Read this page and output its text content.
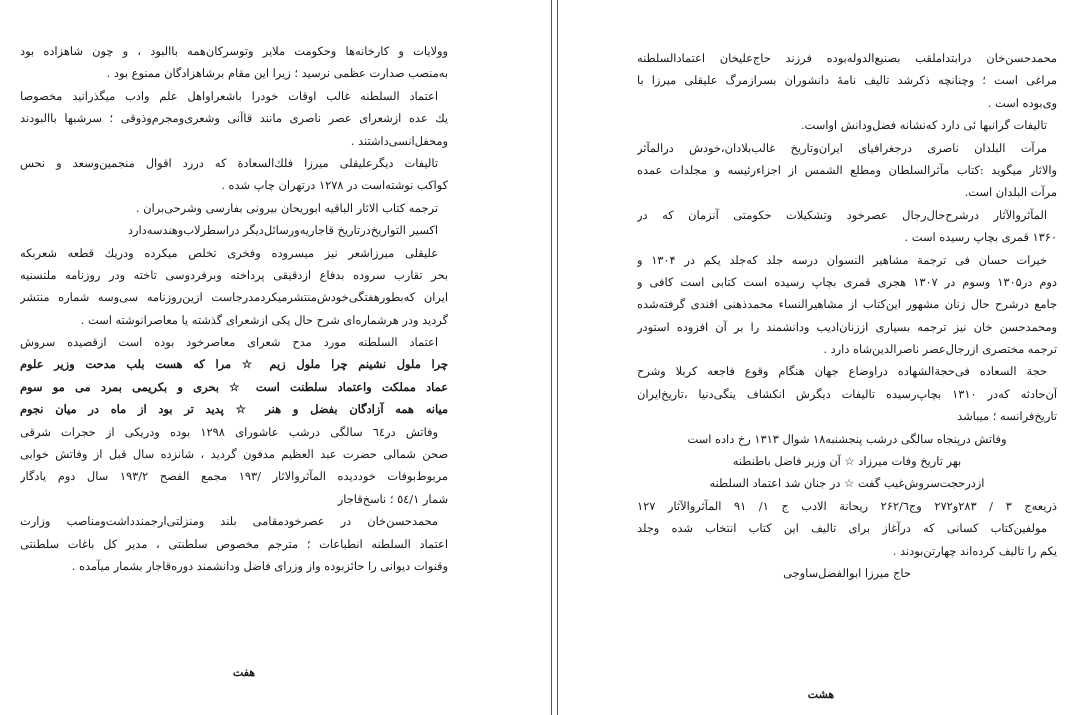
وولایات و کارخانه‌ها وحکومت ملایر وتوسرکان‌همه باالبود ، و چون شاهزاده بود
به‌منصب صدارت عظمی نرسید ؛ زیرا این مقام برشاهزادگان ممنوع بود .
اعتماد السلطنه غالب اوقات خودرا باشعراواهل علم وادب میگذرانید مخصوصا
یك عده ازشعرای عصر ناصری مانند قاآنی وشعری‌ومجرم‌وذوقی ؛ سرشبها باالبودند
ومحفل‌انسی‌داشتند .
تالیفات دیگرعلیقلی میرزا فلك‌السعادة كه دررد اقوال منجمین‌وسعد و نحس
کواکب نوشته‌است در ۱۲۷۸ درتهران چاپ شده .
ترجمه کتاب الاثار الباقیه ابوریحان بیرونی بفارسی وشرحی‌بران .
اکسیر التواریخ‌درتاریخ قاجاریه‌ورسائل‌دیگر دراسطرلاب‌وهندسه‌دارد
علیقلی میرزاشعر نیز میسروده وفخری تخلص میکرده ودریك قطعه شعربکه
بحر تقارب سروده بدفاع ازدقیقی پرداخته وبرفردوسی تاخته ودر روزنامه ملتسنیه
ایران که‌بطورهفتگی‌خودش‌منتشرمیکرد‌مدرجاست ازین‌روزنامه سی‌وسه شماره منتشر
گردید ودر هرشماره‌ای شرح حال یکی ازشعرای گذشته یا معاصرانوشته است .
اعتماد السلطنه مورد مدح شعرای معاصرخود بوده است ازقصیده سروش
چرا ملول نشینم چرا ملول زیم ☆ مرا که هست بلب مدحت وزیر علوم
عماد مملکت واعتماد سلطنت است ☆ بحری و بکریمی بمرد می مو سوم
میانه همه آزادگان بفضل و هنر ☆ پدید تر بود از ماه در میان نجوم
وفاتش در٦٤ سالگی درشب عاشورای ۱۲۹۸ بوده ودریکی از حجرات شرقی
صحن شمالی حضرت عبد العظیم مدفون گردید ، شانزده سال قبل از وفاتش خوابی
مربوط‌بوفات خوددیده المآثروالاثار /۱۹۳ مجمع الفصح ۱۹۳/۲ سال دوم یادگار
شمار ٥٤/١ ؛ ناسخ‌قاجار
محمدحسن‌خان در عصرخودمقامی بلند ومنزلتی‌ارجمندداشت‌ومناصب وزارت
اعتماد السلطنه انطباعات ؛ مترجم مخصوص سلطنتی ، مدیر کل باغات سلطنتی
وقنوات دیوانی را حائزبوده واز وزرای فاضل ودانشمند دوره‌قاجار بشمار میآمده .
هفت
محمدحسن‌خان درابتداملقب بصنیع‌الدوله‌بوده فرزند حاج‌علیخان اعتمادالسلطنه
مراغی است ؛ وچنانچه ذکرشد تالیف نامهٔ دانشوران بسرازمرگ علیقلی میرزا با
وی‌بوده است .
تالیفات گرانبها ئی دارد که‌نشانه فضل‌ودانش اواست.
مرآت البلدان ناصری درجغرافیای ایران‌وتاریخ غالب‌بلادان،خودش درالمآثر
والاثار میگوید :کتاب مآثرالسلطان ومطلع الشمس از اجزاءرئیسه و مجلدات عمده
مرآت البلدان است.
المآثروالآثار درشرح‌حال‌رجال عصرخود وتشکیلات حکومتی آنزمان که در
۱۳۶۰ قمری بچاپ رسیده است .
خیرات حسان فی ترجمة مشاهیر النسوان درسه جلد که‌جلد یکم در ۱۳۰۴ و
دوم در۱۳۰۵ وسوم در ۱۳۰۷ هجری قمری بچاپ رسیده است کتابی است کافی و
جامع درشرح حال زنان مشهور این‌کتاب از مشاهیرالنساء محمدذهنی افندی گرفته‌شده
ومحمدحسن خان نیز ترجمه بسیاری اززنان‌ادیب ودانشمند را بر آن افزوده استودر
ترجمه مختصری ازرجال‌عصر ناصرالدین‌شاه دارد .
حجة السعاده فی‌حجة‌الشهاده دراوضاع جهان هنگام وقوع فاجعه کربلا وشرح
آن‌حادثه که‌در ۱۳۱۰ بچاپ‌رسیده تالیفات دیگرش انکشاف ینگی‌دنیا ،تاریخ‌ایران
تاریخ‌فرانسه ؛ میباشد
وفاتش درپنجاه سالگی درشب پنجشنبه۱۸ شوال ۱۳۱۳ رخ داده است
بهر تاریخ وفات میرزاد ☆ آن وزیر فاضل باطنطنه
ازدرحجت‌سروش‌غیب گفت ☆ در جنان شد اعتماد السلطنه
ذریعه‌ج ۳ / ۲۸۳و۲۷۲ وج۲۶۲/٦ ریحانة الادب ج ۱/ ۹۱ المآثروالآثار ۱۲۷
مولفین‌کتاب کسانی که درآغاز برای تالیف این کتاب انتخاب شده وجلد
یکم را تالیف کرده‌اند چهارتن‌بودند .
حاج میرزا ابوالفضل‌ساوجی
هشت
